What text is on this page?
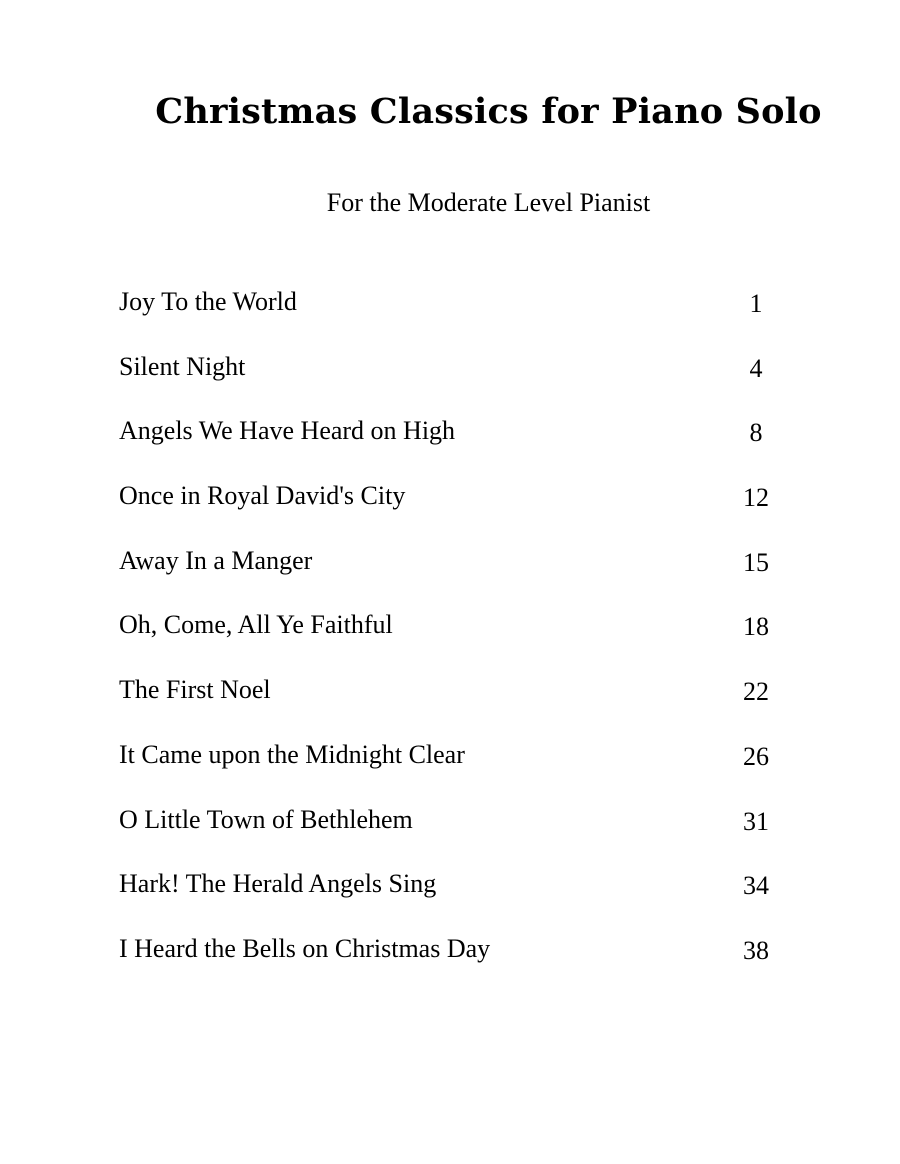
Christmas Classics for Piano Solo

For the Moderate Level Pianist

Joy To the World	1
Silent Night	4
Angels We Have Heard on High	8
Once in Royal David's City	12
Away In a Manger	15
Oh, Come, All Ye Faithful	18
The First Noel	22
It Came upon the Midnight Clear	26
O Little Town of Bethlehem	31
Hark! The Herald Angels Sing	34
I Heard the Bells on Christmas Day	38
